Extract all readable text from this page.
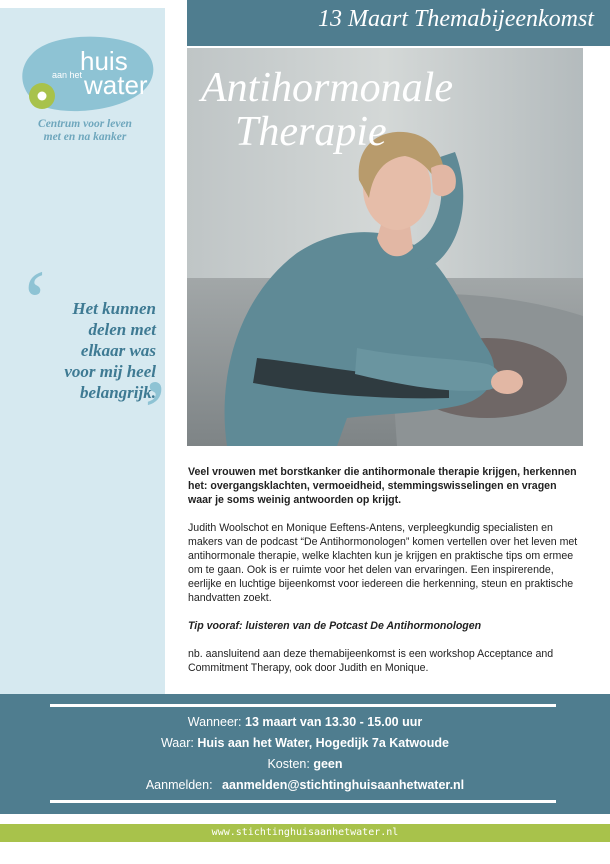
13 Maart Themabijeenkomst
huis
aan het water
Centrum voor leven
met en na kanker
‘	Het kunnen
delen met
elkaar was
voor mij heel
belangrijk.
’
Antihormonale
Therapie

Veel vrouwen met borstkanker die antihormonale therapie krijgen, herkennen het: overgangsklachten, vermoeidheid, stemmingswisselingen en vragen waar je soms weinig antwoorden op krijgt.

Judith Woolschot en Monique Eeftens-Antens, verpleegkundig specialisten en makers van de podcast “De Antihormonologen” komen vertellen over het leven met antihormonale therapie, welke klachten kun je krijgen en praktische tips om ermee om te gaan. Ook is er ruimte voor het delen van ervaringen. Een inspirerende, eerlijke en luchtige bijeenkomst voor iedereen die herkenning, steun en praktische handvatten zoekt.

Tip vooraf: luisteren van de Potcast De Antihormonologen

nb. aansluitend aan deze themabijeenkomst is een workshop Acceptance and Commitment Therapy, ook door Judith en Monique.

Wanneer: 13 maart van 13.30 - 15.00 uur
Waar: Huis aan het Water, Hogedijk 7a Katwoude
Kosten: geen
Aanmelden: aanmelden@stichtinghuisaanhetwater.nl
www.stichtinghuisaanhetwater.nl
